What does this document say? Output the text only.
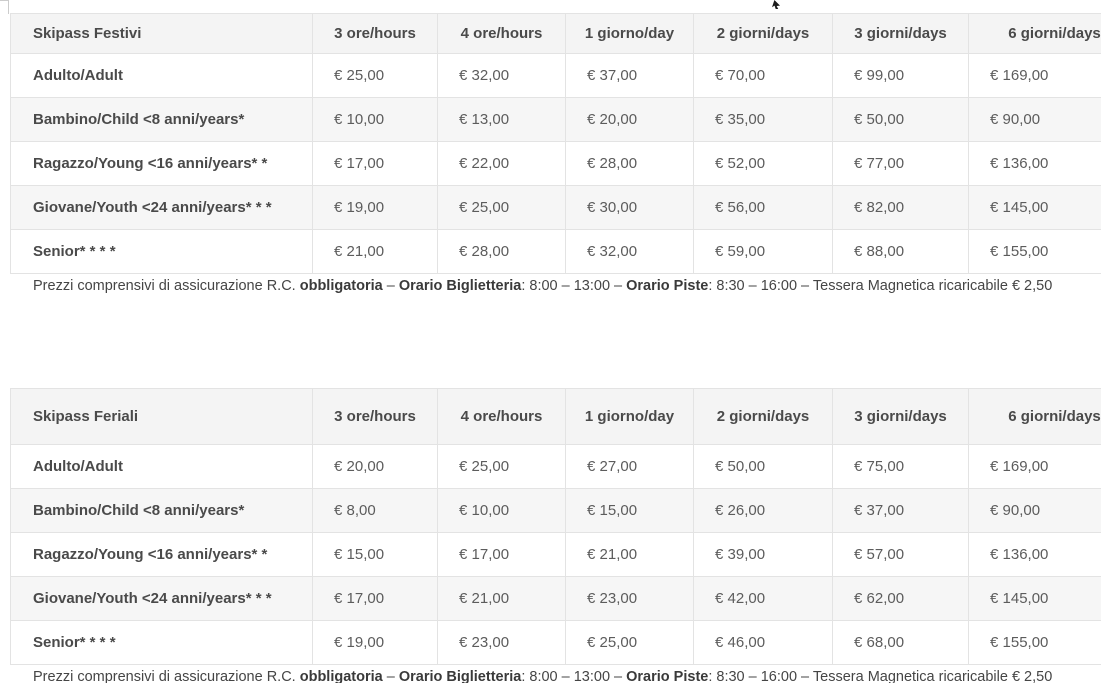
Skipass Festivi	3 ore/hours	4 ore/hours	1 giorno/day	2 giorni/days	3 giorni/days	6 giorni/days
Adulto/Adult	€ 25,00	€ 32,00	€ 37,00	€ 70,00	€ 99,00	€ 169,00
Bambino/Child <8 anni/years*	€ 10,00	€ 13,00	€ 20,00	€ 35,00	€ 50,00	€ 90,00
Ragazzo/Young <16 anni/years* *	€ 17,00	€ 22,00	€ 28,00	€ 52,00	€ 77,00	€ 136,00
Giovane/Youth <24 anni/years* * *	€ 19,00	€ 25,00	€ 30,00	€ 56,00	€ 82,00	€ 145,00
Senior* * * *	€ 21,00	€ 28,00	€ 32,00	€ 59,00	€ 88,00	€ 155,00

Prezzi comprensivi di assicurazione R.C. obbligatoria – Orario Biglietteria: 8:00 – 13:00 – Orario Piste: 8:30 – 16:00 – Tessera Magnetica ricaricabile € 2,50

Skipass Feriali	3 ore/hours	4 ore/hours	1 giorno/day	2 giorni/days	3 giorni/days	6 giorni/days
Adulto/Adult	€ 20,00	€ 25,00	€ 27,00	€ 50,00	€ 75,00	€ 169,00
Bambino/Child <8 anni/years*	€ 8,00	€ 10,00	€ 15,00	€ 26,00	€ 37,00	€ 90,00
Ragazzo/Young <16 anni/years* *	€ 15,00	€ 17,00	€ 21,00	€ 39,00	€ 57,00	€ 136,00
Giovane/Youth <24 anni/years* * *	€ 17,00	€ 21,00	€ 23,00	€ 42,00	€ 62,00	€ 145,00
Senior* * * *	€ 19,00	€ 23,00	€ 25,00	€ 46,00	€ 68,00	€ 155,00

Prezzi comprensivi di assicurazione R.C. obbligatoria – Orario Biglietteria: 8:00 – 13:00 – Orario Piste: 8:30 – 16:00 – Tessera Magnetica ricaricabile € 2,50
